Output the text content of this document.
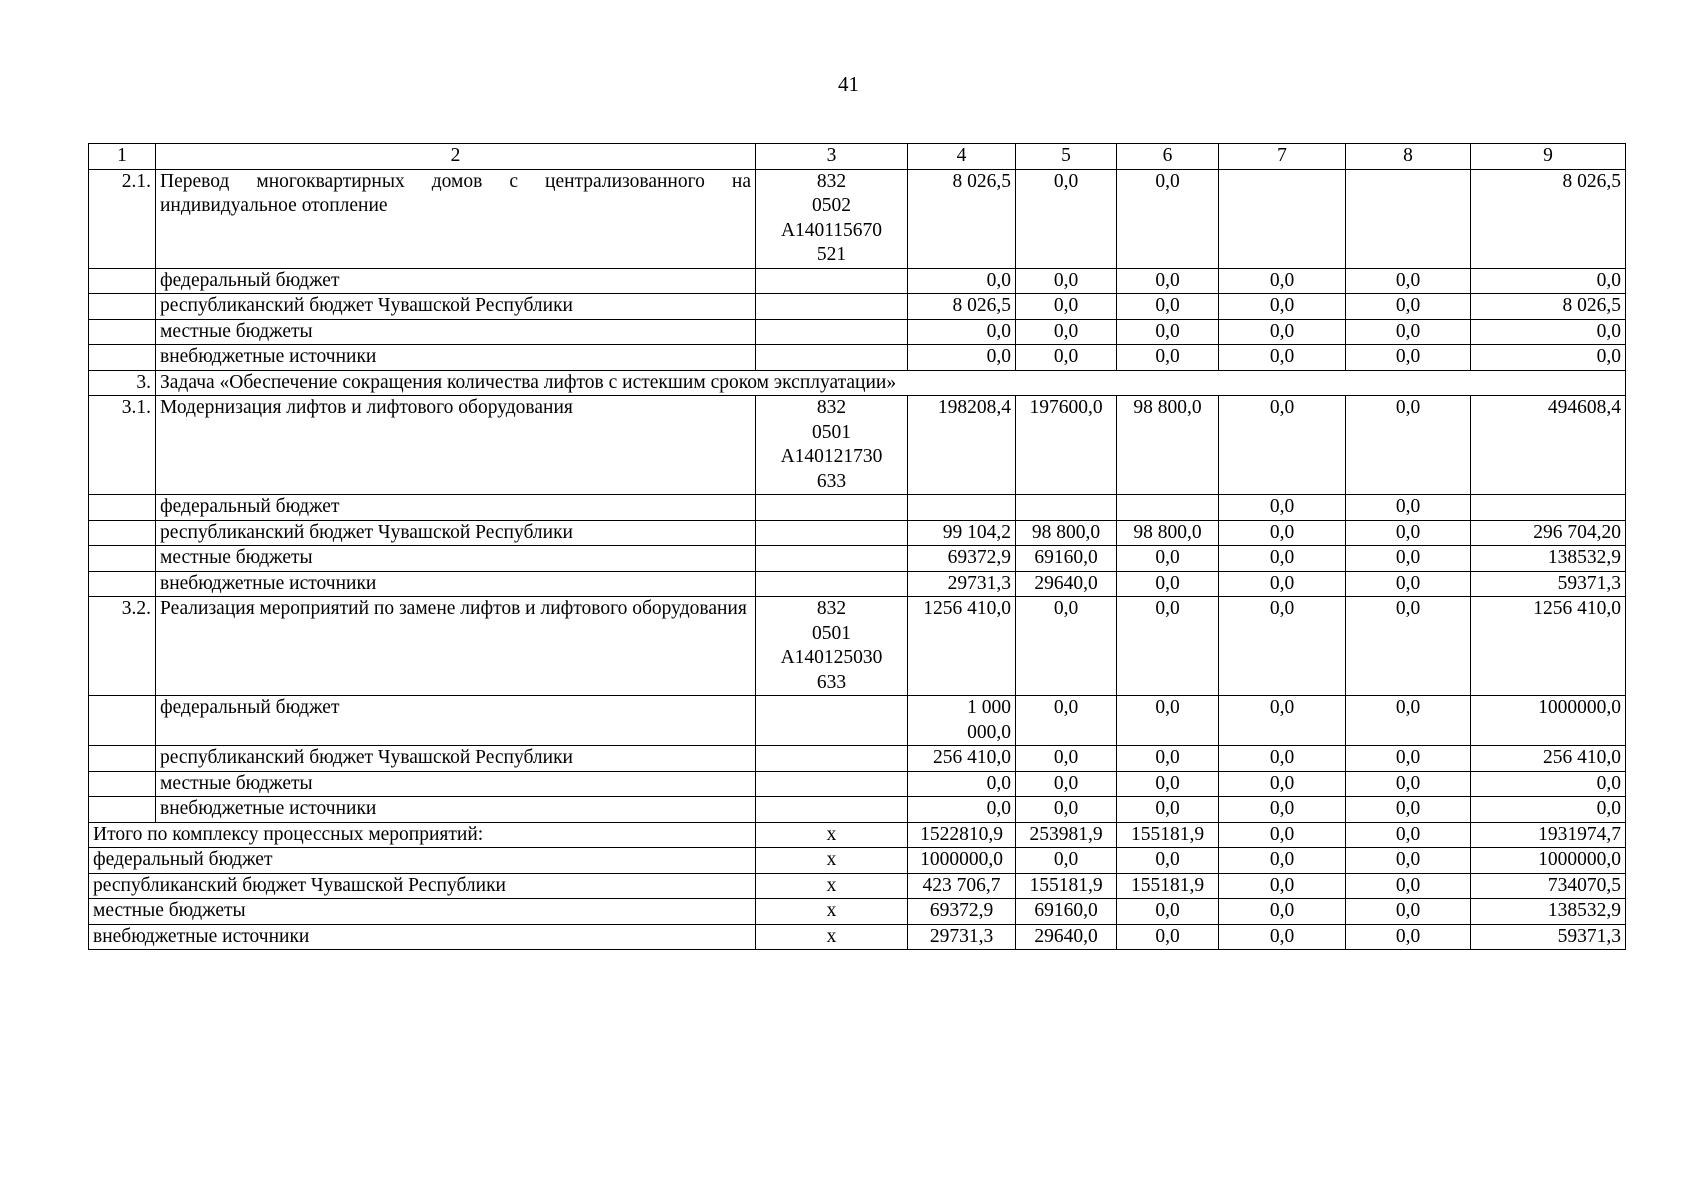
41
1	2	3	4	5	6	7	8	9
2.1.	Перевод многоквартирных домов с централизованного на индивидуальное отопление	832
0502
А140115670
521	8 026,5	0,0	0,0			8 026,5
	федеральный бюджет		0,0	0,0	0,0	0,0	0,0	0,0
	республиканский бюджет Чувашской Республики		8 026,5	0,0	0,0	0,0	0,0	8 026,5
	местные бюджеты		0,0	0,0	0,0	0,0	0,0	0,0
	внебюджетные источники		0,0	0,0	0,0	0,0	0,0	0,0
3.	Задача «Обеспечение сокращения количества лифтов с истекшим сроком эксплуатации»							
3.1.	Модернизация лифтов и лифтового оборудования	832
0501
А140121730
633	198208,4	197600,0	98 800,0	0,0	0,0	494608,4
	федеральный бюджет					0,0	0,0	
	республиканский бюджет Чувашской Республики		99 104,2	98 800,0	98 800,0	0,0	0,0	296 704,20
	местные бюджеты		69372,9	69160,0	0,0	0,0	0,0	138532,9
	внебюджетные источники		29731,3	29640,0	0,0	0,0	0,0	59371,3
3.2.	Реализация мероприятий по замене лифтов и лифтового оборудования	832
0501
А140125030
633	1256 410,0	0,0	0,0	0,0	0,0	1256 410,0
	федеральный бюджет		1 000
000,0	0,0	0,0	0,0	0,0	1000000,0
	республиканский бюджет Чувашской Республики		256 410,0	0,0	0,0	0,0	0,0	256 410,0
	местные бюджеты		0,0	0,0	0,0	0,0	0,0	0,0
	внебюджетные источники		0,0	0,0	0,0	0,0	0,0	0,0
Итого по комплексу процессных мероприятий:		х	1522810,9	253981,9	155181,9	0,0	0,0	1931974,7
федеральный бюджет		х	1000000,0	0,0	0,0	0,0	0,0	1000000,0
республиканский бюджет Чувашской Республики		х	423 706,7	155181,9	155181,9	0,0	0,0	734070,5
местные бюджеты		х	69372,9	69160,0	0,0	0,0	0,0	138532,9
внебюджетные источники		х	29731,3	29640,0	0,0	0,0	0,0	59371,3
